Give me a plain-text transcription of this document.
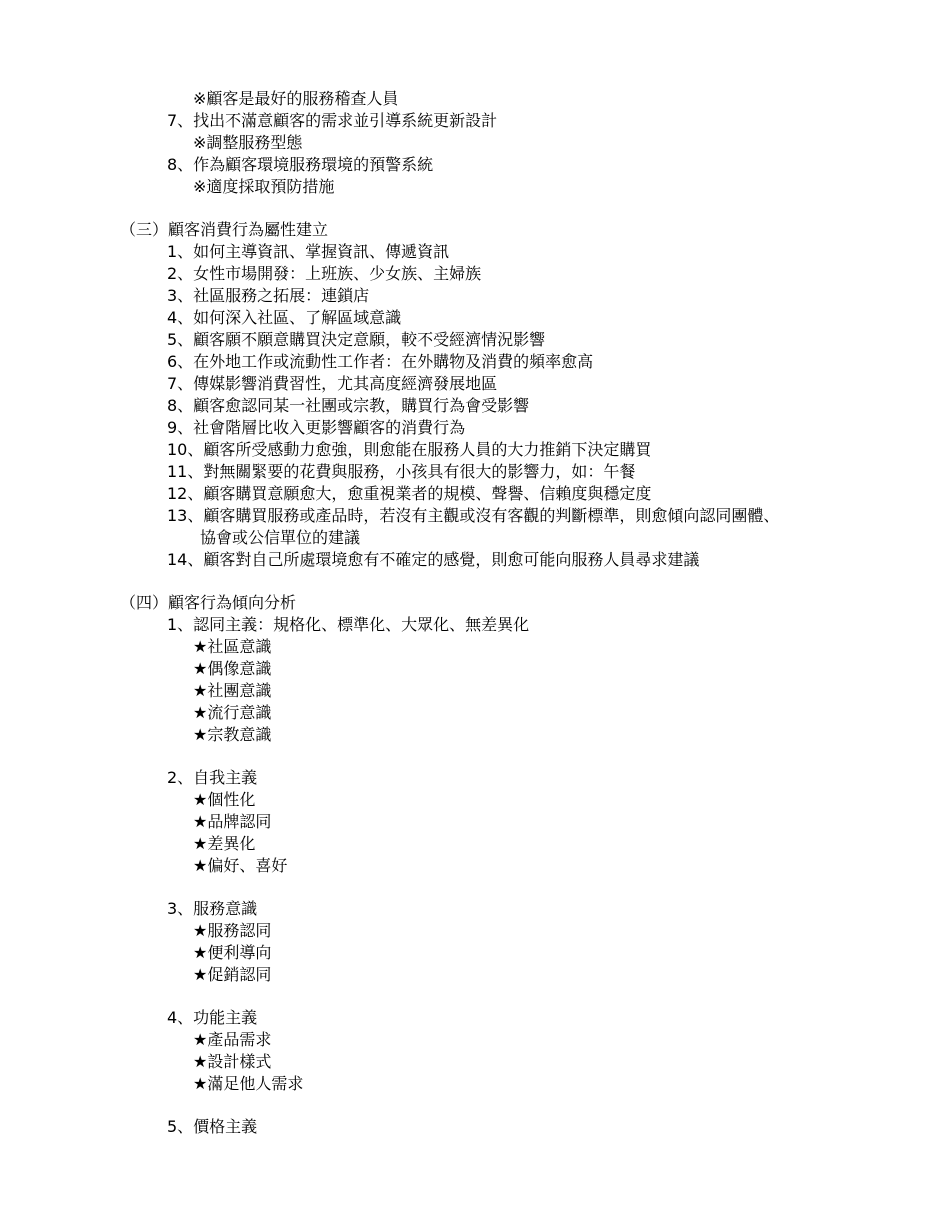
※顧客是最好的服務稽查人員
7、找出不滿意顧客的需求並引導系統更新設計
※調整服務型態
8、作為顧客環境服務環境的預警系統
※適度採取預防措施
（三）顧客消費行為屬性建立
1、如何主導資訊、掌握資訊、傳遞資訊
2、女性市場開發：上班族、少女族、主婦族
3、社區服務之拓展：連鎖店
4、如何深入社區、了解區域意識
5、顧客願不願意購買決定意願，較不受經濟情況影響
6、在外地工作或流動性工作者：在外購物及消費的頻率愈高
7、傳媒影響消費習性，尤其高度經濟發展地區
8、顧客愈認同某一社團或宗教，購買行為會受影響
9、社會階層比收入更影響顧客的消費行為
10、顧客所受感動力愈強，則愈能在服務人員的大力推銷下決定購買
11、對無關緊要的花費與服務，小孩具有很大的影響力，如：午餐
12、顧客購買意願愈大，愈重視業者的規模、聲譽、信賴度與穩定度
13、顧客購買服務或產品時，若沒有主觀或沒有客觀的判斷標準，則愈傾向認同團體、
協會或公信單位的建議
14、顧客對自己所處環境愈有不確定的感覺，則愈可能向服務人員尋求建議
（四）顧客行為傾向分析
1、認同主義：規格化、標準化、大眾化、無差異化
★社區意識
★偶像意識
★社團意識
★流行意識
★宗教意識
2、自我主義
★個性化
★品牌認同
★差異化
★偏好、喜好
3、服務意識
★服務認同
★便利導向
★促銷認同
4、功能主義
★產品需求
★設計樣式
★滿足他人需求
5、價格主義
